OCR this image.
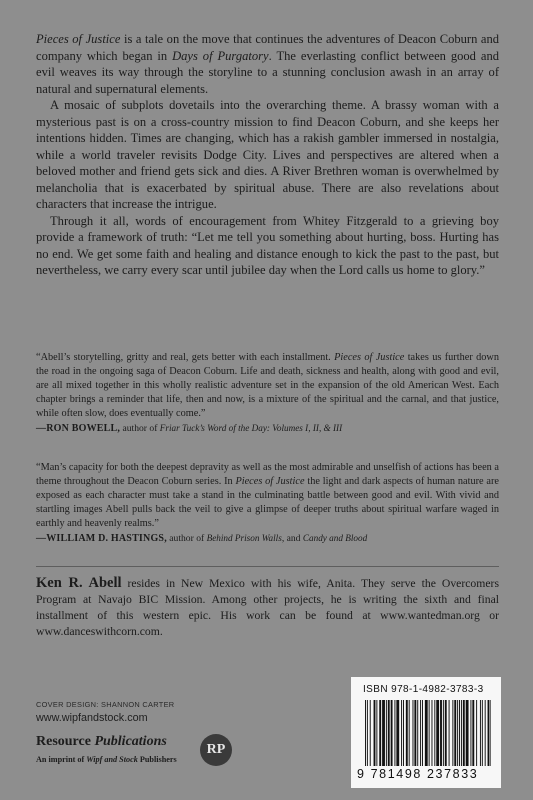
Pieces of Justice is a tale on the move that continues the adventures of Deacon Coburn and company which began in Days of Purgatory. The everlasting conflict between good and evil weaves its way through the storyline to a stunning conclusion awash in an array of natural and supernatural elements.

A mosaic of subplots dovetails into the overarching theme. A brassy woman with a mysterious past is on a cross-country mission to find Deacon Coburn, and she keeps her intentions hidden. Times are changing, which has a rakish gambler immersed in nostalgia, while a world traveler revisits Dodge City. Lives and perspectives are altered when a beloved mother and friend gets sick and dies. A River Brethren woman is overwhelmed by melancholia that is exacerbated by spiritual abuse. There are also revelations about characters that increase the intrigue.

Through it all, words of encouragement from Whitey Fitzgerald to a grieving boy provide a framework of truth: “Let me tell you something about hurting, boss. Hurting has no end. We get some faith and healing and distance enough to kick the past to the past, but nevertheless, we carry every scar until jubilee day when the Lord calls us home to glory.”

“Abell’s storytelling, gritty and real, gets better with each installment. Pieces of Justice takes us further down the road in the ongoing saga of Deacon Coburn. Life and death, sickness and health, along with good and evil, are all mixed together in this wholly realistic adventure set in the expansion of the old American West. Each chapter brings a reminder that life, then and now, is a mixture of the spiritual and the carnal, and that justice, while often slow, does eventually come.”

—RON BOWELL, author of Friar Tuck’s Word of the Day: Volumes I, II, & III

“Man’s capacity for both the deepest depravity as well as the most admirable and unselfish of actions has been a theme throughout the Deacon Coburn series. In Pieces of Justice the light and dark aspects of human nature are exposed as each character must take a stand in the culminating battle between good and evil. With vivid and startling images Abell pulls back the veil to give a glimpse of deeper truths about spiritual warfare waged in earthly and heavenly realms.”

—WILLIAM D. HASTINGS, author of Behind Prison Walls, and Candy and Blood

Ken R. Abell resides in New Mexico with his wife, Anita. They serve the Overcomers Program at Navajo BIC Mission. Among other projects, he is writing the sixth and final installment of this western epic. His work can be found at www.wantedman.org or www.danceswithcorn.com.
COVER DESIGN: SHANNON CARTER
www.wipfandstock.com
Resource Publications
An imprint of Wipf and Stock Publishers
RP
ISBN 978-1-4982-3783-3
9 781498 237833
